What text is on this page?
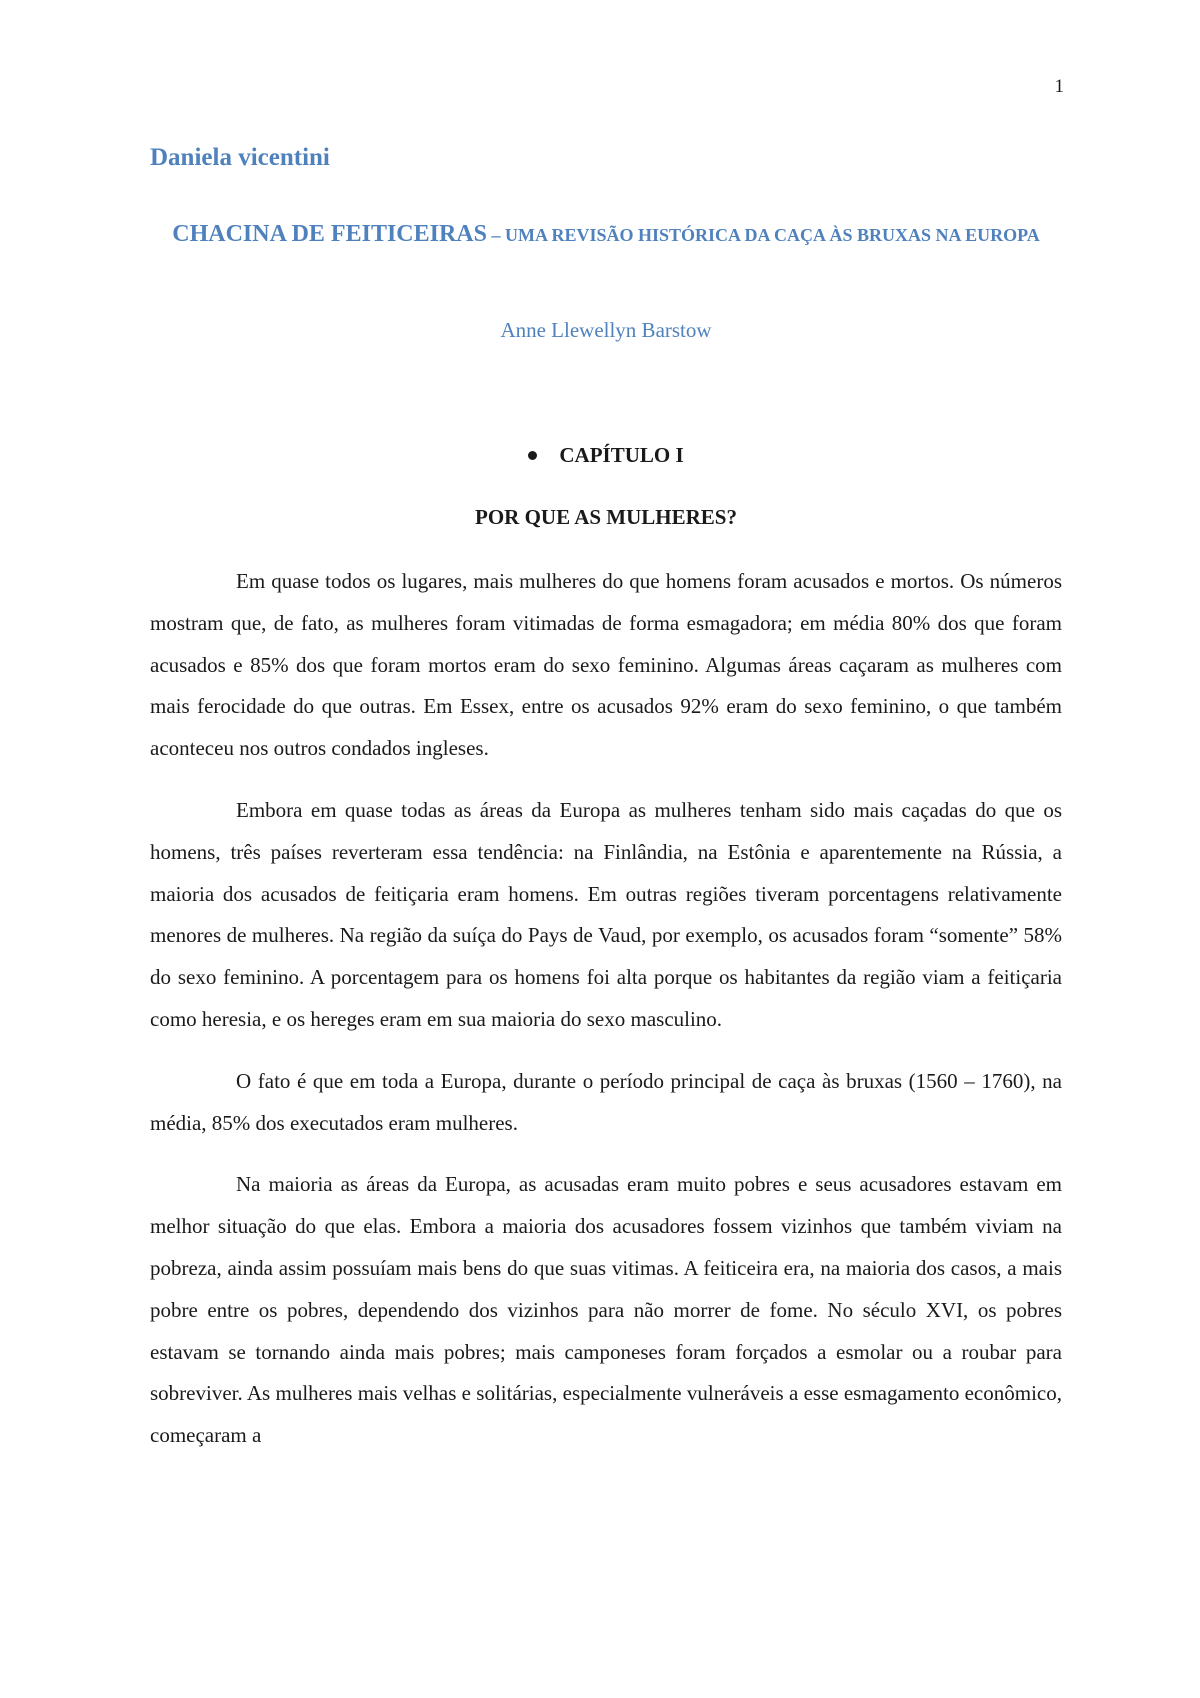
1
Daniela vicentini
CHACINA DE FEITICEIRAS – UMA REVISÃO HISTÓRICA DA CAÇA ÀS BRUXAS NA EUROPA
Anne Llewellyn Barstow
CAPÍTULO I
POR QUE AS MULHERES?

Em quase todos os lugares, mais mulheres do que homens foram acusados e mortos. Os números mostram que, de fato, as mulheres foram vitimadas de forma esmagadora; em média 80% dos que foram acusados e 85% dos que foram mortos eram do sexo feminino. Algumas áreas caçaram as mulheres com mais ferocidade do que outras. Em Essex, entre os acusados 92% eram do sexo feminino, o que também aconteceu nos outros condados ingleses.

Embora em quase todas as áreas da Europa as mulheres tenham sido mais caçadas do que os homens, três países reverteram essa tendência: na Finlândia, na Estônia e aparentemente na Rússia, a maioria dos acusados de feitiçaria eram homens. Em outras regiões tiveram porcentagens relativamente menores de mulheres. Na região da suíça do Pays de Vaud, por exemplo, os acusados foram “somente” 58% do sexo feminino. A porcentagem para os homens foi alta porque os habitantes da região viam a feitiçaria como heresia, e os hereges eram em sua maioria do sexo masculino.

O fato é que em toda a Europa, durante o período principal de caça às bruxas (1560 – 1760), na média, 85% dos executados eram mulheres.

Na maioria as áreas da Europa, as acusadas eram muito pobres e seus acusadores estavam em melhor situação do que elas. Embora a maioria dos acusadores fossem vizinhos que também viviam na pobreza, ainda assim possuíam mais bens do que suas vitimas. A feiticeira era, na maioria dos casos, a mais pobre entre os pobres, dependendo dos vizinhos para não morrer de fome. No século XVI, os pobres estavam se tornando ainda mais pobres; mais camponeses foram forçados a esmolar ou a roubar para sobreviver. As mulheres mais velhas e solitárias, especialmente vulneráveis a esse esmagamento econômico, começaram a
